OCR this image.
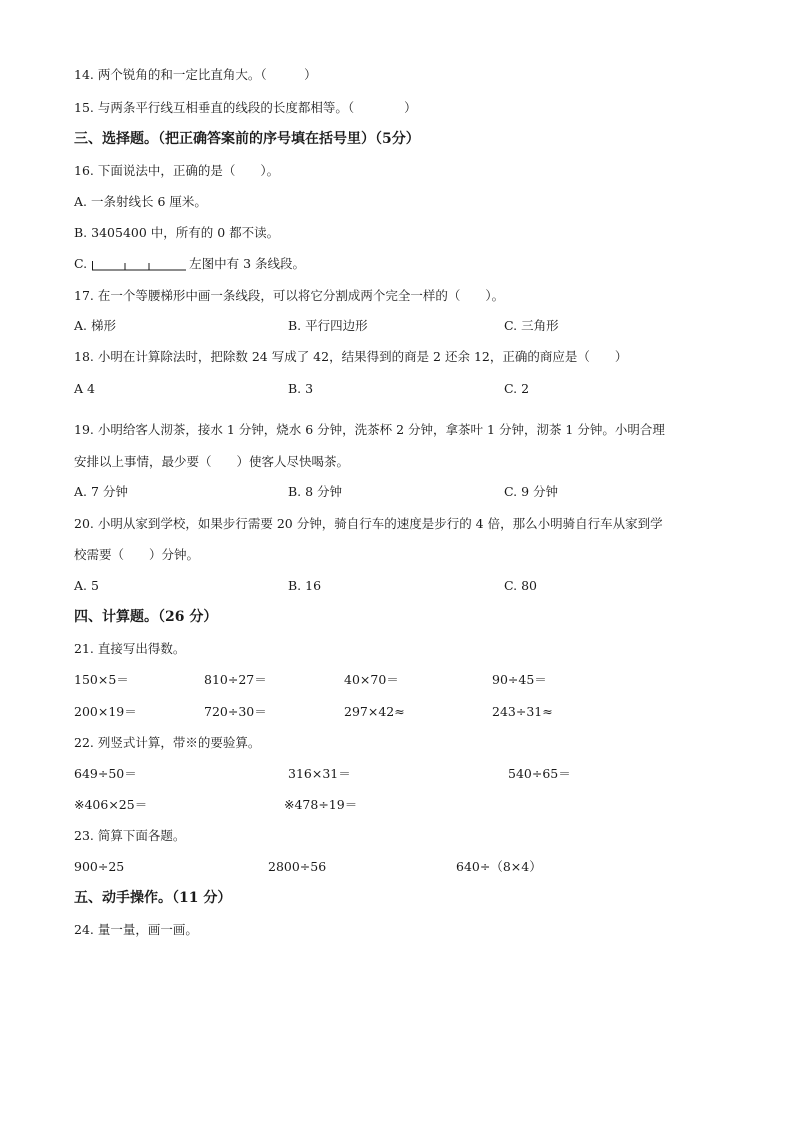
14. 两个锐角的和一定比直角大。（　　　）
15. 与两条平行线互相垂直的线段的长度都相等。（　　　　）
三、选择题。（把正确答案前的序号填在括号里）（5分）
16. 下面说法中，正确的是（　　）。
A. 一条射线长 6 厘米。
B. 3405400 中，所有的 0 都不读。
C.	左图中有 3 条线段。
17. 在一个等腰梯形中画一条线段，可以将它分割成两个完全一样的（　　）。
A. 梯形	B. 平行四边形	C. 三角形
18. 小明在计算除法时，把除数 24 写成了 42，结果得到的商是 2 还余 12，正确的商应是（　　）
A 4	B. 3	C. 2
19. 小明给客人沏茶，接水 1 分钟，烧水 6 分钟，洗茶杯 2 分钟，拿茶叶 1 分钟，沏茶 1 分钟。小明合理
安排以上事情，最少要（　　）使客人尽快喝茶。
A. 7 分钟	B. 8 分钟	C. 9 分钟
20. 小明从家到学校，如果步行需要 20 分钟，骑自行车的速度是步行的 4 倍，那么小明骑自行车从家到学
校需要（　　）分钟。
A. 5	B. 16	C. 80
四、计算题。（26 分）
21. 直接写出得数。
150×5＝	810÷27＝	40×70＝	90÷45＝
200×19＝	720÷30＝	297×42≈	243÷31≈
22. 列竖式计算，带※的要验算。
649÷50＝	316×31＝	540÷65＝
※406×25＝	※478÷19＝
23. 简算下面各题。
900÷25	2800÷56	640÷（8×4）
五、动手操作。（11 分）
24. 量一量，画一画。
